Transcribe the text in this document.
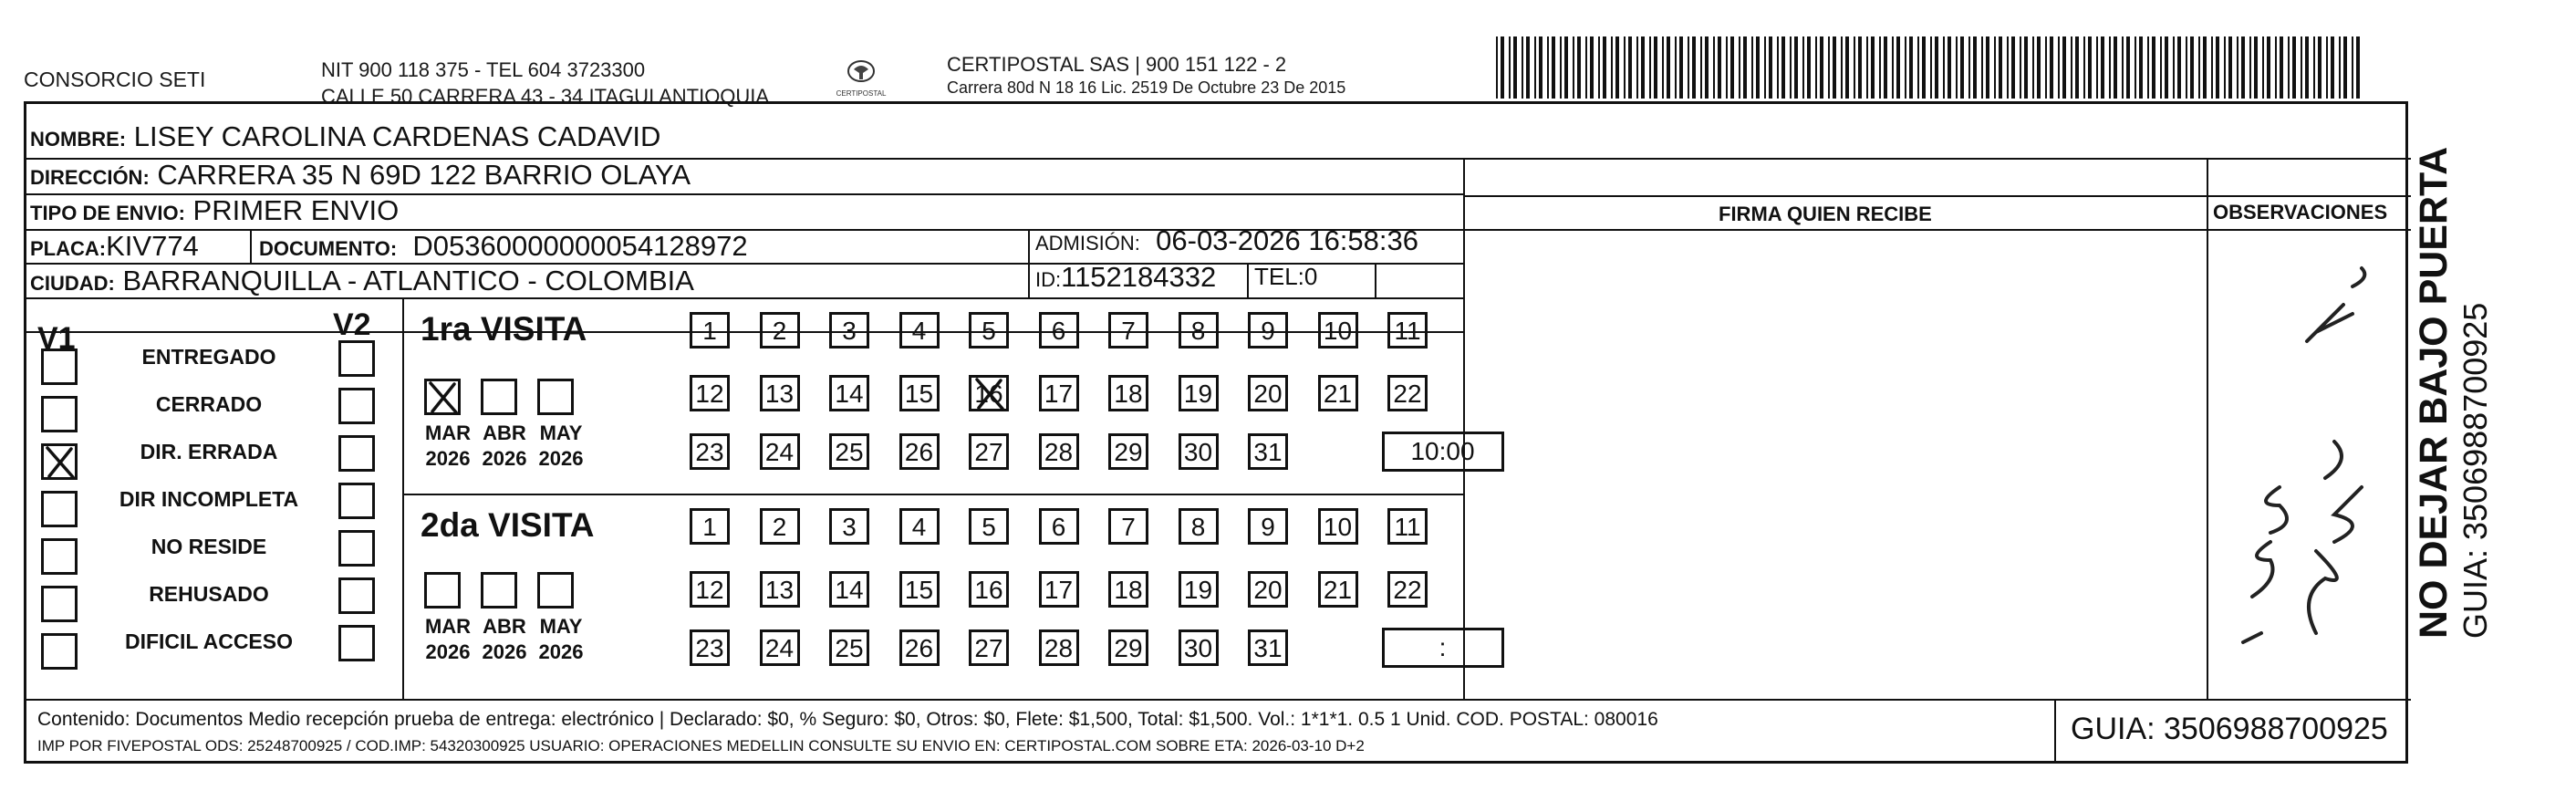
CONSORCIO SETI	NIT 900 118 375 - TEL 604 3723300
CALLE 50 CARRERA 43 - 34 ITAGUI ANTIOQUIA	CERTIPOSTAL
CERTIPOSTAL SAS | 900 151 122 - 2
Carrera 80d N 18 16 Lic. 2519 De Octubre 23 De 2015
NOMBRE: LISEY CAROLINA CARDENAS CADAVID
DIRECCIÓN: CARRERA 35 N 69D 122 BARRIO OLAYA
TIPO DE ENVIO: PRIMER ENVIO	FIRMA QUIEN RECIBE	OBSERVACIONES
PLACA:KIV774	DOCUMENTO: D05360000000054128972	ADMISIÓN: 06-03-2026 16:58:36
CIUDAD: BARRANQUILLA - ATLANTICO - COLOMBIA	ID:1152184332 TEL:0
V1	V2
ENTREGADO
CERRADO
DIR. ERRADA
DIR INCOMPLETA
NO RESIDE
REHUSADO
DIFICIL ACCESO
1ra VISITA
MAR
2026
ABR
2026
MAY
2026
1	2	3	4	5	6	7	8	9	10 11
12 13 14 15 16 17 18 19 20 21 22
23 24 25 26 27 28 29 30 31	10:00
2da VISITA
MAR
2026
ABR
2026
MAY
2026
1	2	3	4	5	6	7	8	9	10 11
12 13 14 15 16 17 18 19 20 21 22
23 24 25 26 27 28 29 30 31	:
Contenido: Documentos Medio recepción prueba de entrega: electrónico | Declarado: $0, % Seguro: $0, Otros: $0, Flete: $1,500, Total: $1,500. Vol.: 1*1*1. 0.5 1 Unid. COD. POSTAL: 080016
IMP POR FIVEPOSTAL ODS: 25248700925 / COD.IMP: 54320300925 USUARIO: OPERACIONES MEDELLIN CONSULTE SU ENVIO EN: CERTIPOSTAL.COM SOBRE ETA: 2026-03-10 D+2	GUIA: 3506988700925
NO DEJAR BAJO PUERTA GUIA: 3506988700925
